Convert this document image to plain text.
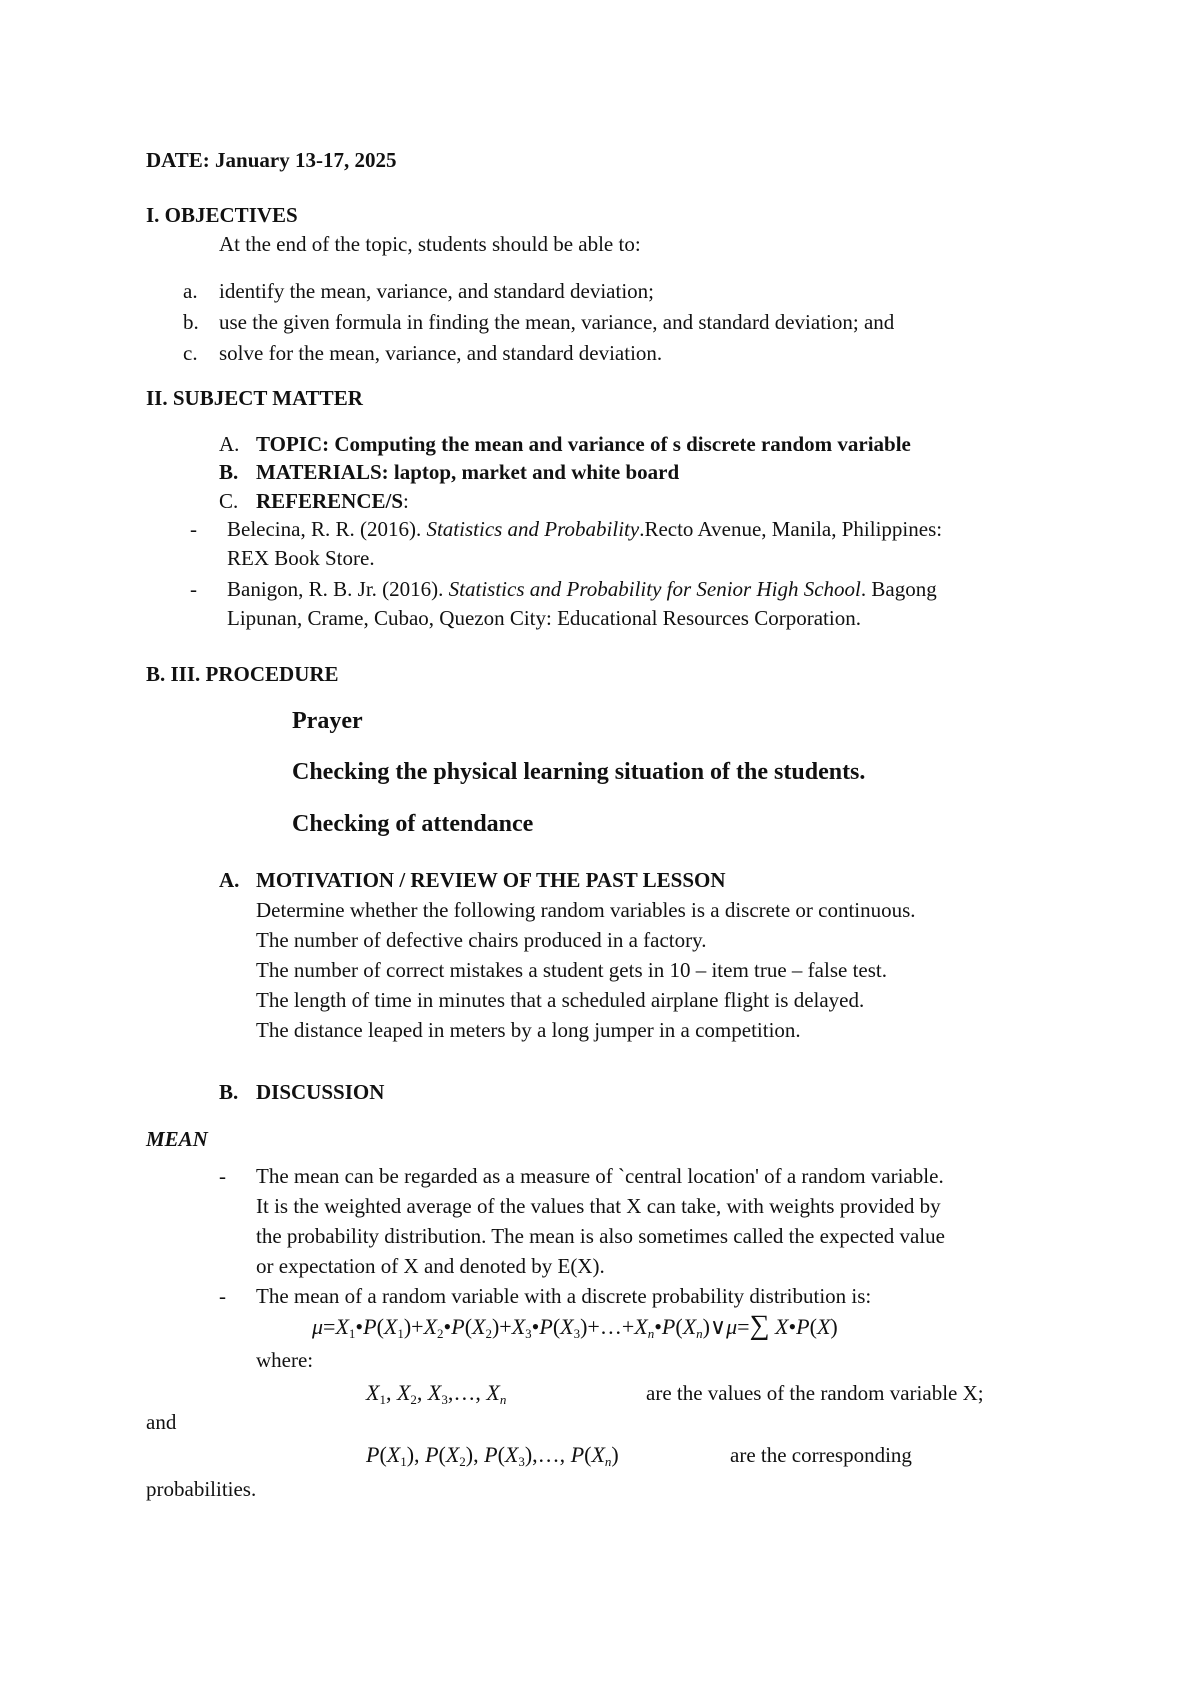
DATE: January 13-17, 2025
I. OBJECTIVES
At the end of the topic, students should be able to:
a. identify the mean, variance, and standard deviation;
b. use the given formula in finding the mean, variance, and standard deviation; and
c. solve for the mean, variance, and standard deviation.
II. SUBJECT MATTER
A. TOPIC: Computing the mean and variance of s discrete random variable
B. MATERIALS: laptop, market and white board
C. REFERENCE/S:
- Belecina, R. R. (2016). Statistics and Probability.Recto Avenue, Manila, Philippines:
REX Book Store.
- Banigon, R. B. Jr. (2016). Statistics and Probability for Senior High School. Bagong
Lipunan, Crame, Cubao, Quezon City: Educational Resources Corporation.
B. III. PROCEDURE
Prayer
Checking the physical learning situation of the students.
Checking of attendance
A. MOTIVATION / REVIEW OF THE PAST LESSON
Determine whether the following random variables is a discrete or continuous.
The number of defective chairs produced in a factory.
The number of correct mistakes a student gets in 10 – item true – false test.
The length of time in minutes that a scheduled airplane flight is delayed.
The distance leaped in meters by a long jumper in a competition.
B. DISCUSSION
MEAN
- The mean can be regarded as a measure of `central location' of a random variable.
It is the weighted average of the values that X can take, with weights provided by
the probability distribution. The mean is also sometimes called the expected value
or expectation of X and denoted by E(X).
- The mean of a random variable with a discrete probability distribution is:
$\mu=X_1•P(X_1)+X_2•P(X_2)+X_3•P(X_3)+\dots+X_n•P(X_n)\vee\mu=\sum$ X•P(X)
where:
$X_1$, $X_2$, $X_3,\dots$, $X_n$	are the values of the random variable X;
and
$P(X_1)$, $P(X_2)$, $P(X_3),\dots$, $P(X_n)$	are the corresponding
probabilities.
